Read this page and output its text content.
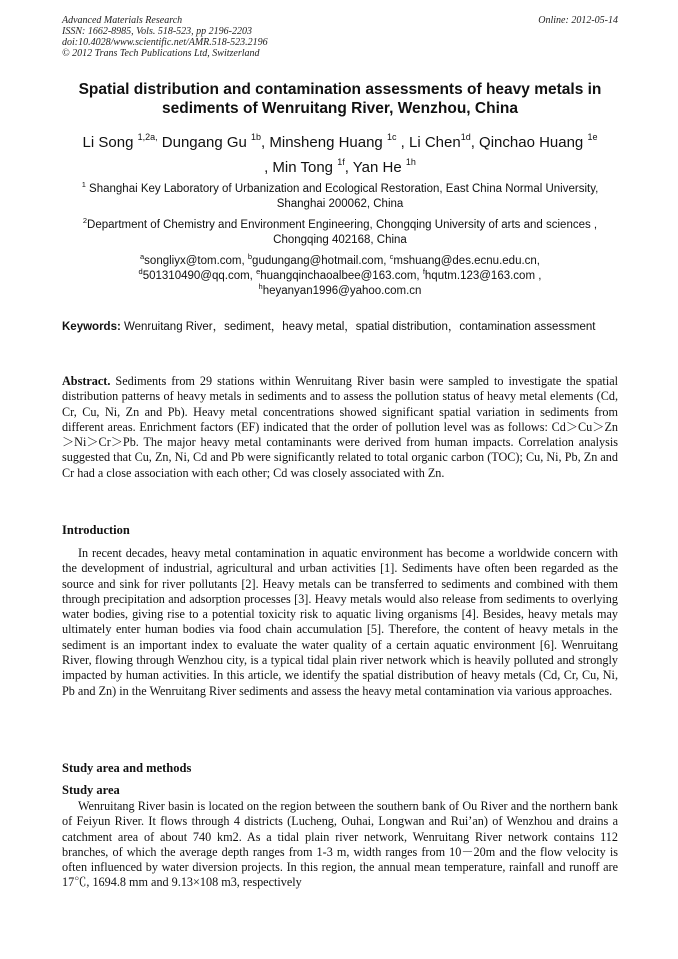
Advanced Materials Research
ISSN: 1662-8985, Vols. 518-523, pp 2196-2203
doi:10.4028/www.scientific.net/AMR.518-523.2196
© 2012 Trans Tech Publications Ltd, Switzerland
Online: 2012-05-14
Spatial distribution and contamination assessments of heavy metals in sediments of Wenruitang River, Wenzhou, China
Li Song $^{1,2a,}$ Dungang Gu $^{1b}$, Minsheng Huang $^{1c}$ , Li Chen$^{1d}$, Qinchao Huang $^{1e}$
, Min Tong $^{1f}$, Yan He $^{1h}$
$^1$ Shanghai Key Laboratory of Urbanization and Ecological Restoration, East China Normal University, Shanghai 200062, China
$^2$Department of Chemistry and Environment Engineering, Chongqing University of arts and sciences , Chongqing 402168, China
$^a$songliyx@tom.com, $^b$gudungang@hotmail.com, $^c$mshuang@des.ecnu.edu.cn,
$^d$501310490@qq.com, $^e$huangqinchaoalbee@163.com, $^f$hqutm.123@163.com ,
$^h$heyanyan1996@yahoo.com.cn
Keywords: Wenruitang River，sediment，heavy metal，spatial distribution，contamination assessment
Abstract. Sediments from 29 stations within Wenruitang River basin were sampled to investigate the spatial distribution patterns of heavy metals in sediments and to assess the pollution status of heavy metal elements (Cd, Cr, Cu, Ni, Zn and Pb). Heavy metal concentrations showed significant spatial variation in sediments from different areas. Enrichment factors (EF) indicated that the order of pollution level was as follows: Cd＞Cu＞Zn＞Ni＞Cr＞Pb. The major heavy metal contaminants were derived from human impacts. Correlation analysis suggested that Cu, Zn, Ni, Cd and Pb were significantly related to total organic carbon (TOC); Cu, Ni, Pb, Zn and Cr had a close association with each other; Cd was closely associated with Zn.
Introduction
In recent decades, heavy metal contamination in aquatic environment has become a worldwide concern with the development of industrial, agricultural and urban activities [1]. Sediments have often been regarded as the source and sink for river pollutants [2]. Heavy metals can be transferred to sediments and combined with them through precipitation and adsorption processes [3]. Heavy metals would also release from sediments to overlying water bodies, giving rise to a potential toxicity risk to aquatic living organisms [4]. Besides, heavy metals may ultimately enter human bodies via food chain accumulation [5]. Therefore, the content of heavy metals in the sediment is an important index to evaluate the water quality of a certain aquatic environment [6]. Wenruitang River, flowing through Wenzhou city, is a typical tidal plain river network which is heavily polluted and strongly impacted by human activities. In this article, we identify the spatial distribution of heavy metals (Cd, Cr, Cu, Ni, Pb and Zn) in the Wenruitang River sediments and assess the heavy metal contamination via various approaches.
Study area and methods
Study area
Wenruitang River basin is located on the region between the southern bank of Ou River and the northern bank of Feiyun River. It flows through 4 districts (Lucheng, Ouhai, Longwan and Rui’an) of Wenzhou and drains a catchment area of about 740 km2. As a tidal plain river network, Wenruitang River network contains 112 branches, of which the average depth ranges from 1-3 m, width ranges from 10－20m and the flow velocity is often influenced by water diversion projects. In this region, the annual mean temperature, rainfall and runoff are 17℃, 1694.8 mm and 9.13×108 m3, respectively
